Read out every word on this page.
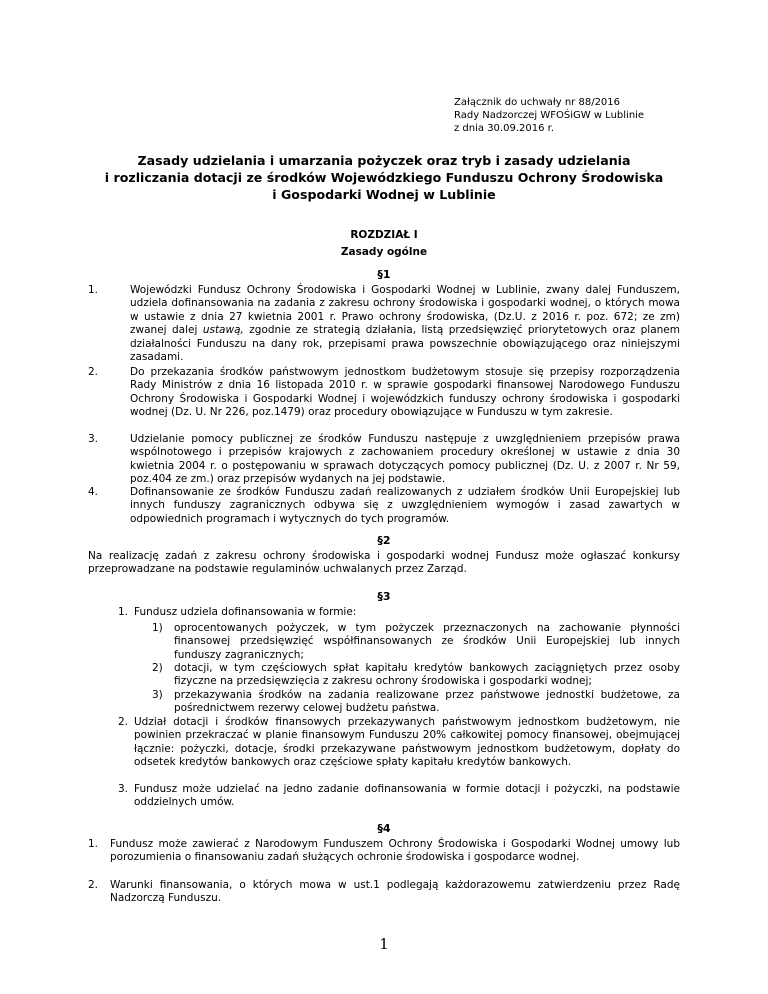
Załącznik do uchwały nr 88/2016
Rady Nadzorczej WFOŚiGW w Lublinie
z dnia 30.09.2016 r.
Zasady udzielania i umarzania pożyczek oraz tryb i zasady udzielania
i rozliczania dotacji ze środków Wojewódzkiego Funduszu Ochrony Środowiska
i Gospodarki Wodnej w Lublinie
ROZDZIAŁ I
Zasady ogólne
§1
1.	Wojewódzki Fundusz Ochrony Środowiska i Gospodarki Wodnej w Lublinie, zwany dalej Funduszem, udziela dofinansowania na zadania z zakresu ochrony środowiska i gospodarki wodnej, o których mowa w ustawie z dnia 27 kwietnia 2001 r. Prawo ochrony środowiska, (Dz.U. z 2016 r. poz. 672; ze zm) zwanej dalej ustawą, zgodnie ze strategią działania, listą przedsięwzięć priorytetowych oraz planem działalności Funduszu na dany rok, przepisami prawa powszechnie obowiązującego oraz niniejszymi zasadami.

2.	Do przekazania środków państwowym jednostkom budżetowym stosuje się przepisy rozporządzenia Rady Ministrów z dnia 16 listopada 2010 r. w sprawie gospodarki finansowej Narodowego Funduszu Ochrony Środowiska i Gospodarki Wodnej i wojewódzkich funduszy ochrony środowiska i gospodarki wodnej (Dz. U. Nr 226, poz.1479) oraz procedury obowiązujące w Funduszu w tym zakresie.

3.	Udzielanie pomocy publicznej ze środków Funduszu następuje z uwzględnieniem przepisów prawa wspólnotowego i przepisów krajowych z zachowaniem procedury określonej w ustawie z dnia 30 kwietnia 2004 r. o postępowaniu w sprawach dotyczących pomocy publicznej (Dz. U. z 2007 r. Nr 59, poz.404 ze zm.) oraz przepisów wydanych na jej podstawie.

4.	Dofinansowanie ze środków Funduszu zadań realizowanych z udziałem środków Unii Europejskiej lub innych funduszy zagranicznych odbywa się z uwzględnieniem wymogów i zasad zawartych w odpowiednich programach i wytycznych do tych programów.

§2

Na realizację zadań z zakresu ochrony środowiska i gospodarki wodnej Fundusz może ogłaszać konkursy przeprowadzane na podstawie regulaminów uchwalanych przez Zarząd.

§3
1. Fundusz udziela dofinansowania w formie:

1) oprocentowanych pożyczek, w tym pożyczek przeznaczonych na zachowanie płynności finansowej przedsięwzięć współfinansowanych ze środków Unii Europejskiej lub innych funduszy zagranicznych;

2) dotacji, w tym częściowych spłat kapitału kredytów bankowych zaciągniętych przez osoby fizyczne na przedsięwzięcia z zakresu ochrony środowiska i gospodarki wodnej;

3) przekazywania środków na zadania realizowane przez państwowe jednostki budżetowe, za pośrednictwem rezerwy celowej budżetu państwa.

2. Udział dotacji i środków finansowych przekazywanych państwowym jednostkom budżetowym, nie powinien przekraczać w planie finansowym Funduszu 20% całkowitej pomocy finansowej, obejmującej łącznie: pożyczki, dotacje, środki przekazywane państwowym jednostkom budżetowym, dopłaty do odsetek kredytów bankowych oraz częściowe spłaty kapitału kredytów bankowych.

3. Fundusz może udzielać na jedno zadanie dofinansowania w formie dotacji i pożyczki, na podstawie oddzielnych umów.

§4
1. Fundusz może zawierać z Narodowym Funduszem Ochrony Środowiska i Gospodarki Wodnej umowy lub porozumienia o finansowaniu zadań służących ochronie środowiska i gospodarce wodnej.

2. Warunki finansowania, o których mowa w ust.1 podlegają każdorazowemu zatwierdzeniu przez Radę Nadzorczą Funduszu.

1
